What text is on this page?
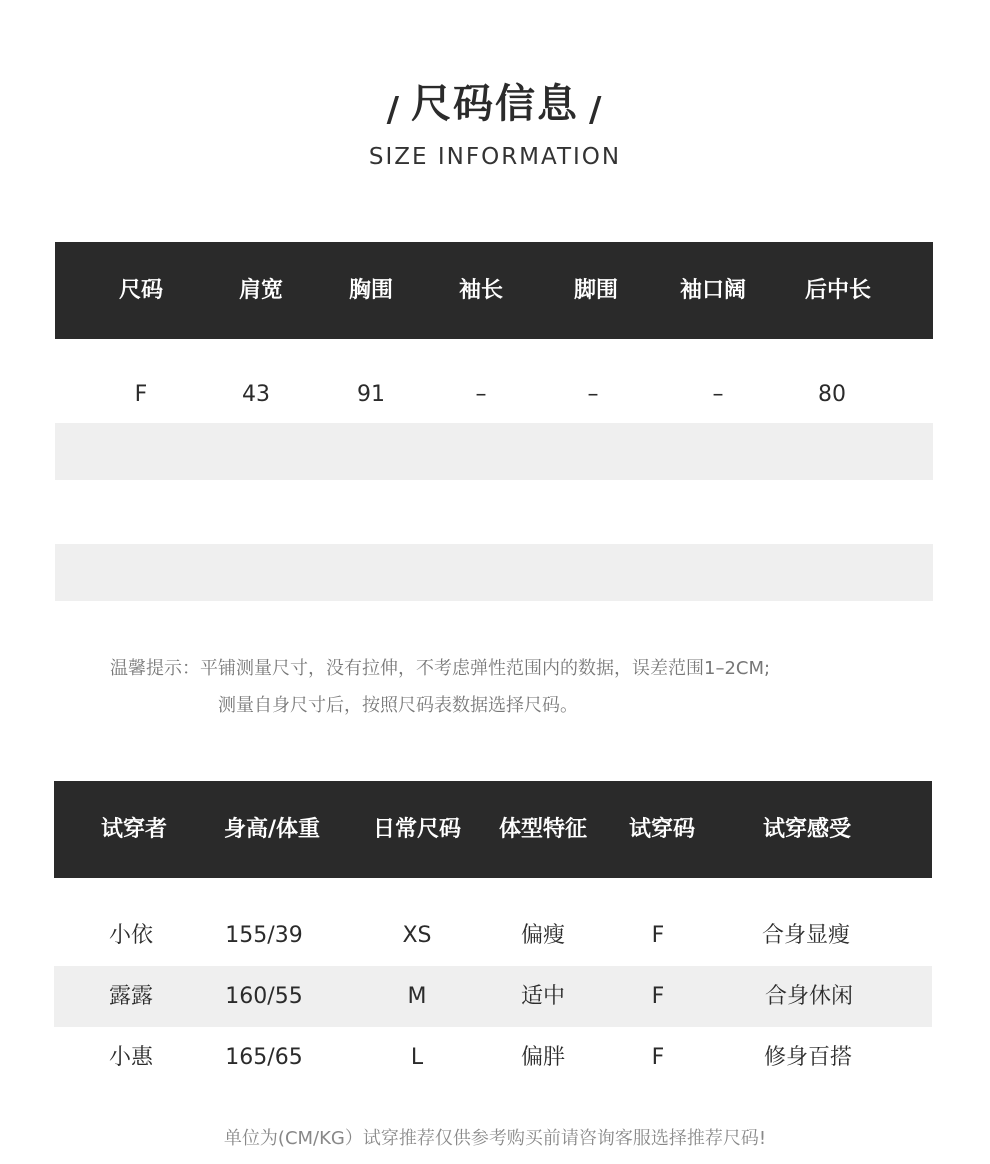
/ 尺码信息 /
SIZE INFORMATION
尺码	肩宽	胸围	袖长	脚围	袖口阔	后中长
F	43	91	–	–	–	80
温馨提示：平铺测量尺寸，没有拉伸，不考虑弹性范围内的数据，误差范围1–2CM;
测量自身尺寸后，按照尺码表数据选择尺码。
试穿者	身高/体重 日常尺码 体型特征 试穿码	试穿感受
小依	155/39	XS	偏瘦	F	合身显瘦
露露	160/55	M	适中	F	合身休闲
小惠	165/65	L	偏胖	F	修身百搭
单位为(CM/KG）试穿推荐仅供参考购买前请咨询客服选择推荐尺码!
